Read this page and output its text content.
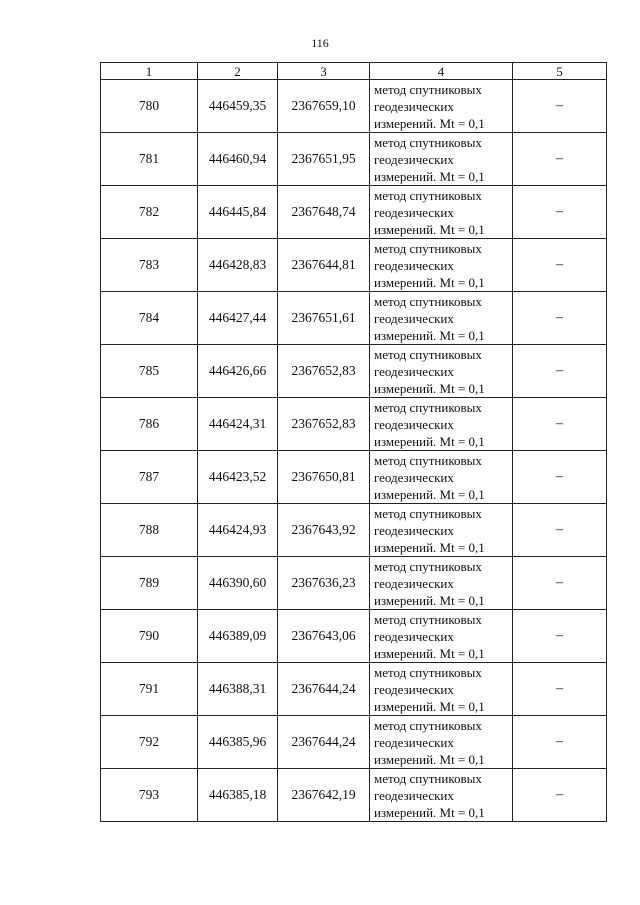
116
1	2	3	4	5
780	446459,35	2367659,10	метод спутниковых
геодезических
измерений. Mt = 0,1	–
781	446460,94	2367651,95	метод спутниковых
геодезических
измерений. Mt = 0,1	–
782	446445,84	2367648,74	метод спутниковых
геодезических
измерений. Mt = 0,1	–
783	446428,83	2367644,81	метод спутниковых
геодезических
измерений. Mt = 0,1	–
784	446427,44	2367651,61	метод спутниковых
геодезических
измерений. Mt = 0,1	–
785	446426,66	2367652,83	метод спутниковых
геодезических
измерений. Mt = 0,1	–
786	446424,31	2367652,83	метод спутниковых
геодезических
измерений. Mt = 0,1	–
787	446423,52	2367650,81	метод спутниковых
геодезических
измерений. Mt = 0,1	–
788	446424,93	2367643,92	метод спутниковых
геодезических
измерений. Mt = 0,1	–
789	446390,60	2367636,23	метод спутниковых
геодезических
измерений. Mt = 0,1	–
790	446389,09	2367643,06	метод спутниковых
геодезических
измерений. Mt = 0,1	–
791	446388,31	2367644,24	метод спутниковых
геодезических
измерений. Mt = 0,1	–
792	446385,96	2367644,24	метод спутниковых
геодезических
измерений. Mt = 0,1	–
793	446385,18	2367642,19	метод спутниковых
геодезических
измерений. Mt = 0,1	–
